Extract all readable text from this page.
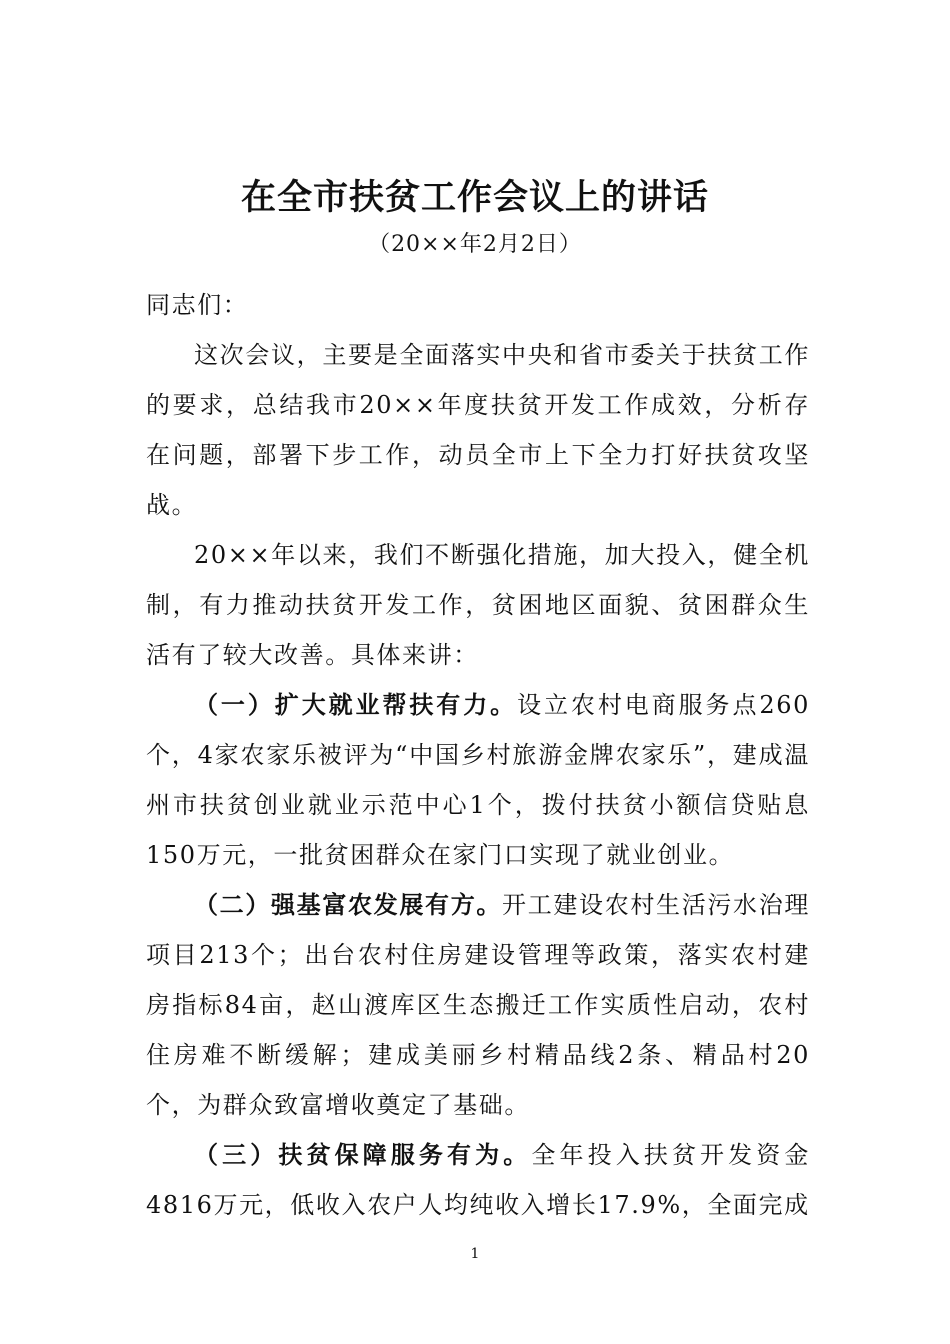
在全市扶贫工作会议上的讲话
（20××年2月2日）

同志们：

这次会议，主要是全面落实中央和省市委关于扶贫工作的要求，总结我市20××年度扶贫开发工作成效，分析存在问题，部署下步工作，动员全市上下全力打好扶贫攻坚战。

20××年以来，我们不断强化措施，加大投入，健全机制，有力推动扶贫开发工作，贫困地区面貌、贫困群众生活有了较大改善。具体来讲：

（一）扩大就业帮扶有力。设立农村电商服务点260个，4家农家乐被评为“中国乡村旅游金牌农家乐”，建成温州市扶贫创业就业示范中心1个，拨付扶贫小额信贷贴息150万元，一批贫困群众在家门口实现了就业创业。

（二）强基富农发展有方。开工建设农村生活污水治理项目213个；出台农村住房建设管理等政策，落实农村建房指标84亩，赵山渡库区生态搬迁工作实质性启动，农村住房难不断缓解；建成美丽乡村精品线2条、精品村20个，为群众致富增收奠定了基础。

（三）扶贫保障服务有为。全年投入扶贫开发资金4816万元，低收入农户人均纯收入增长17.9%，全面完成

1
